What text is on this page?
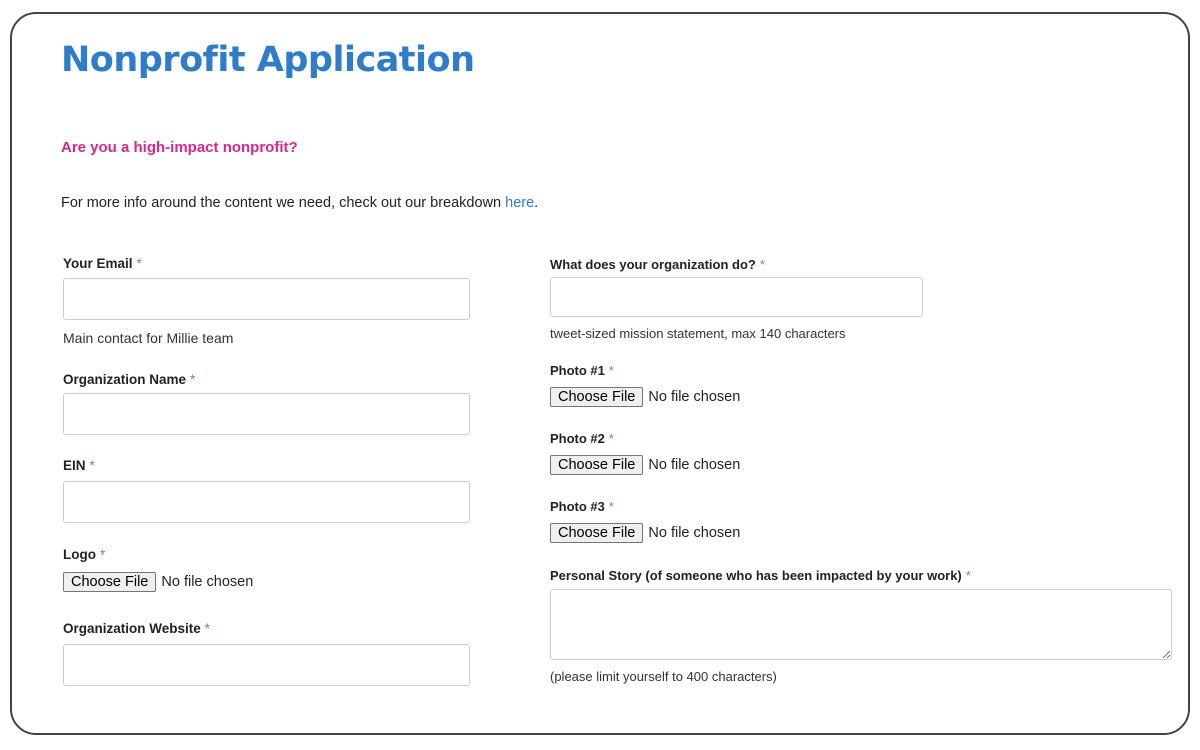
Nonprofit Application
Are you a high-impact nonprofit?
For more info around the content we need, check out our breakdown here.
Your Email *
Main contact for Millie team
Organization Name *
EIN *
Logo *
Choose File No file chosen
Organization Website *
What does your organization do? *
tweet-sized mission statement, max 140 characters
Photo #1 *
Choose File No file chosen
Photo #2 *
Choose File No file chosen
Photo #3 *
Choose File No file chosen
Personal Story (of someone who has been impacted by your work) *
(please limit yourself to 400 characters)
